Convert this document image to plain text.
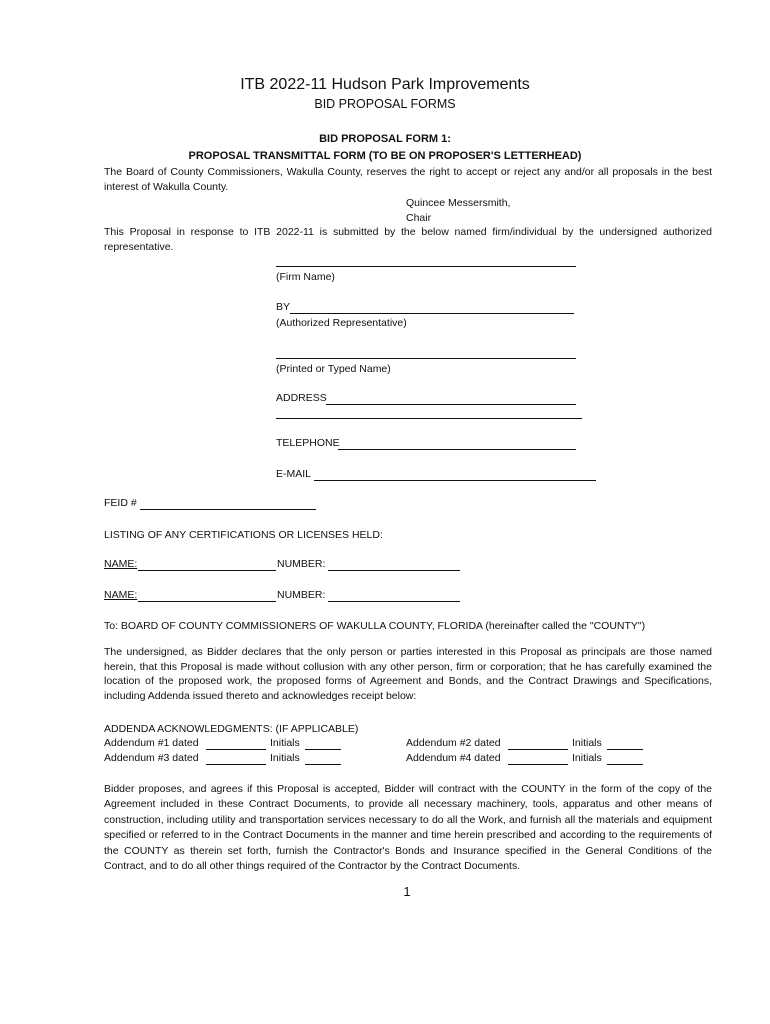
ITB 2022-11 Hudson Park Improvements
BID PROPOSAL FORMS
BID PROPOSAL FORM 1:
PROPOSAL TRANSMITTAL FORM (TO BE ON PROPOSER'S LETTERHEAD)
The Board of County Commissioners, Wakulla County, reserves the right to accept or reject any and/or all proposals in the best interest of Wakulla County.
Quincee Messersmith,
Chair
This Proposal in response to ITB 2022-11 is submitted by the below named firm/individual by the undersigned authorized representative.
(Firm Name)
BY
(Authorized Representative)
(Printed or Typed Name)
ADDRESS
TELEPHONE
E-MAIL
FEID #
LISTING OF ANY CERTIFICATIONS OR LICENSES HELD:
NAME:	NUMBER:
NAME:	NUMBER:
To: BOARD OF COUNTY COMMISSIONERS OF WAKULLA COUNTY, FLORIDA (hereinafter called the "COUNTY")
The undersigned, as Bidder declares that the only person or parties interested in this Proposal as principals are those named herein, that this Proposal is made without collusion with any other person, firm or corporation; that he has carefully examined the location of the proposed work, the proposed forms of Agreement and Bonds, and the Contract Drawings and Specifications, including Addenda issued thereto and acknowledges receipt below:
ADDENDA ACKNOWLEDGMENTS: (IF APPLICABLE)
Addendum #1 dated	Initials	Addendum #2 dated	Initials
Addendum #3 dated	Initials	Addendum #4 dated	Initials
Bidder proposes, and agrees if this Proposal is accepted, Bidder will contract with the COUNTY in the form of the copy of the Agreement included in these Contract Documents, to provide all necessary machinery, tools, apparatus and other means of construction, including utility and transportation services necessary to do all the Work, and furnish all the materials and equipment specified or referred to in the Contract Documents in the manner and time herein prescribed and according to the requirements of the COUNTY as therein set forth, furnish the Contractor's Bonds and Insurance specified in the General Conditions of the Contract, and to do all other things required of the Contractor by the Contract Documents.
1
